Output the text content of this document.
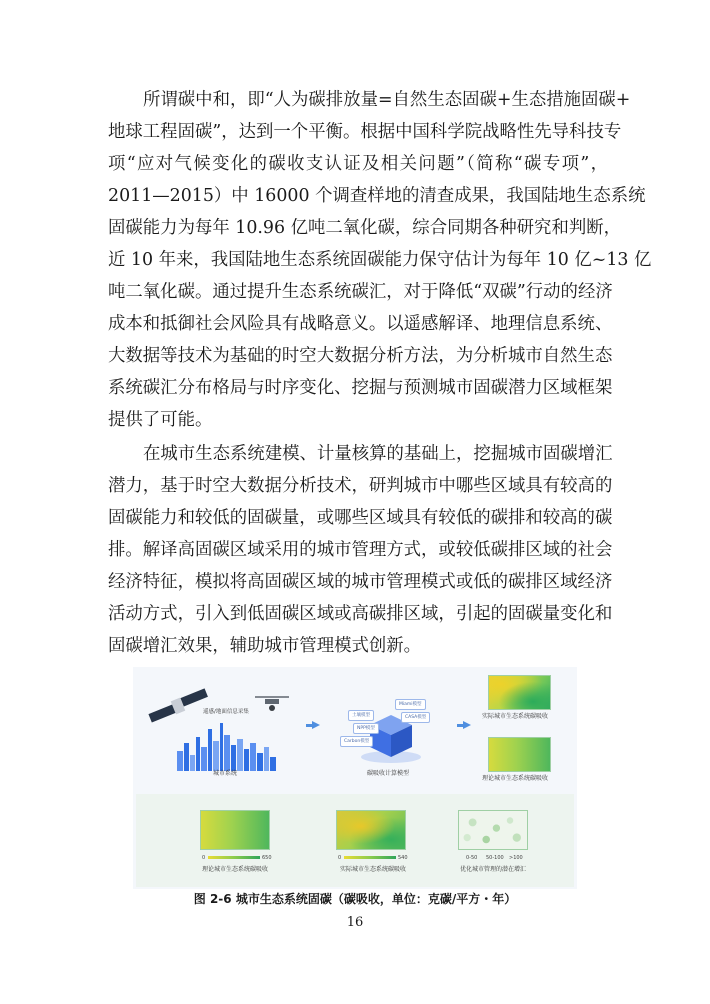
所谓碳中和，即“人为碳排放量=自然生态固碳+生态措施固碳+
地球工程固碳”，达到一个平衡。根据中国科学院战略性先导科技专
项“应对气候变化的碳收支认证及相关问题”（简称“碳专项”，
2011—2015）中 16000 个调查样地的清查成果，我国陆地生态系统
固碳能力为每年 10.96 亿吨二氧化碳，综合同期各种研究和判断，
近 10 年来，我国陆地生态系统固碳能力保守估计为每年 10 亿~13 亿
吨二氧化碳。通过提升生态系统碳汇，对于降低“双碳”行动的经济
成本和抵御社会风险具有战略意义。以遥感解译、地理信息系统、
大数据等技术为基础的时空大数据分析方法，为分析城市自然生态
系统碳汇分布格局与时序变化、挖掘与预测城市固碳潜力区域框架
提供了可能。
在城市生态系统建模、计量核算的基础上，挖掘城市固碳增汇
潜力，基于时空大数据分析技术，研判城市中哪些区域具有较高的
固碳能力和较低的固碳量，或哪些区域具有较低的碳排和较高的碳
排。解译高固碳区域采用的城市管理方式，或较低碳排区域的社会
经济特征，模拟将高固碳区域的城市管理模式或低的碳排区域经济
活动方式，引入到低固碳区域或高碳排区域，引起的固碳量变化和
固碳增汇效果，辅助城市管理模式创新。
遥感/地面信息采集
城市系统
土壤模型
NPP模型
Miami模型
CASA模型
Carbon模型
碳吸收计算模型
实际城市生态系统碳吸收
理论城市生态系统碳吸收
0	650
理论城市生态系统碳吸收
0	540
实际城市生态系统碳吸收
0-50 50-100 >100
优化城市管理的潜在增汇
图 2-6 城市生态系统固碳（碳吸收，单位：克碳/平方・年）
16
